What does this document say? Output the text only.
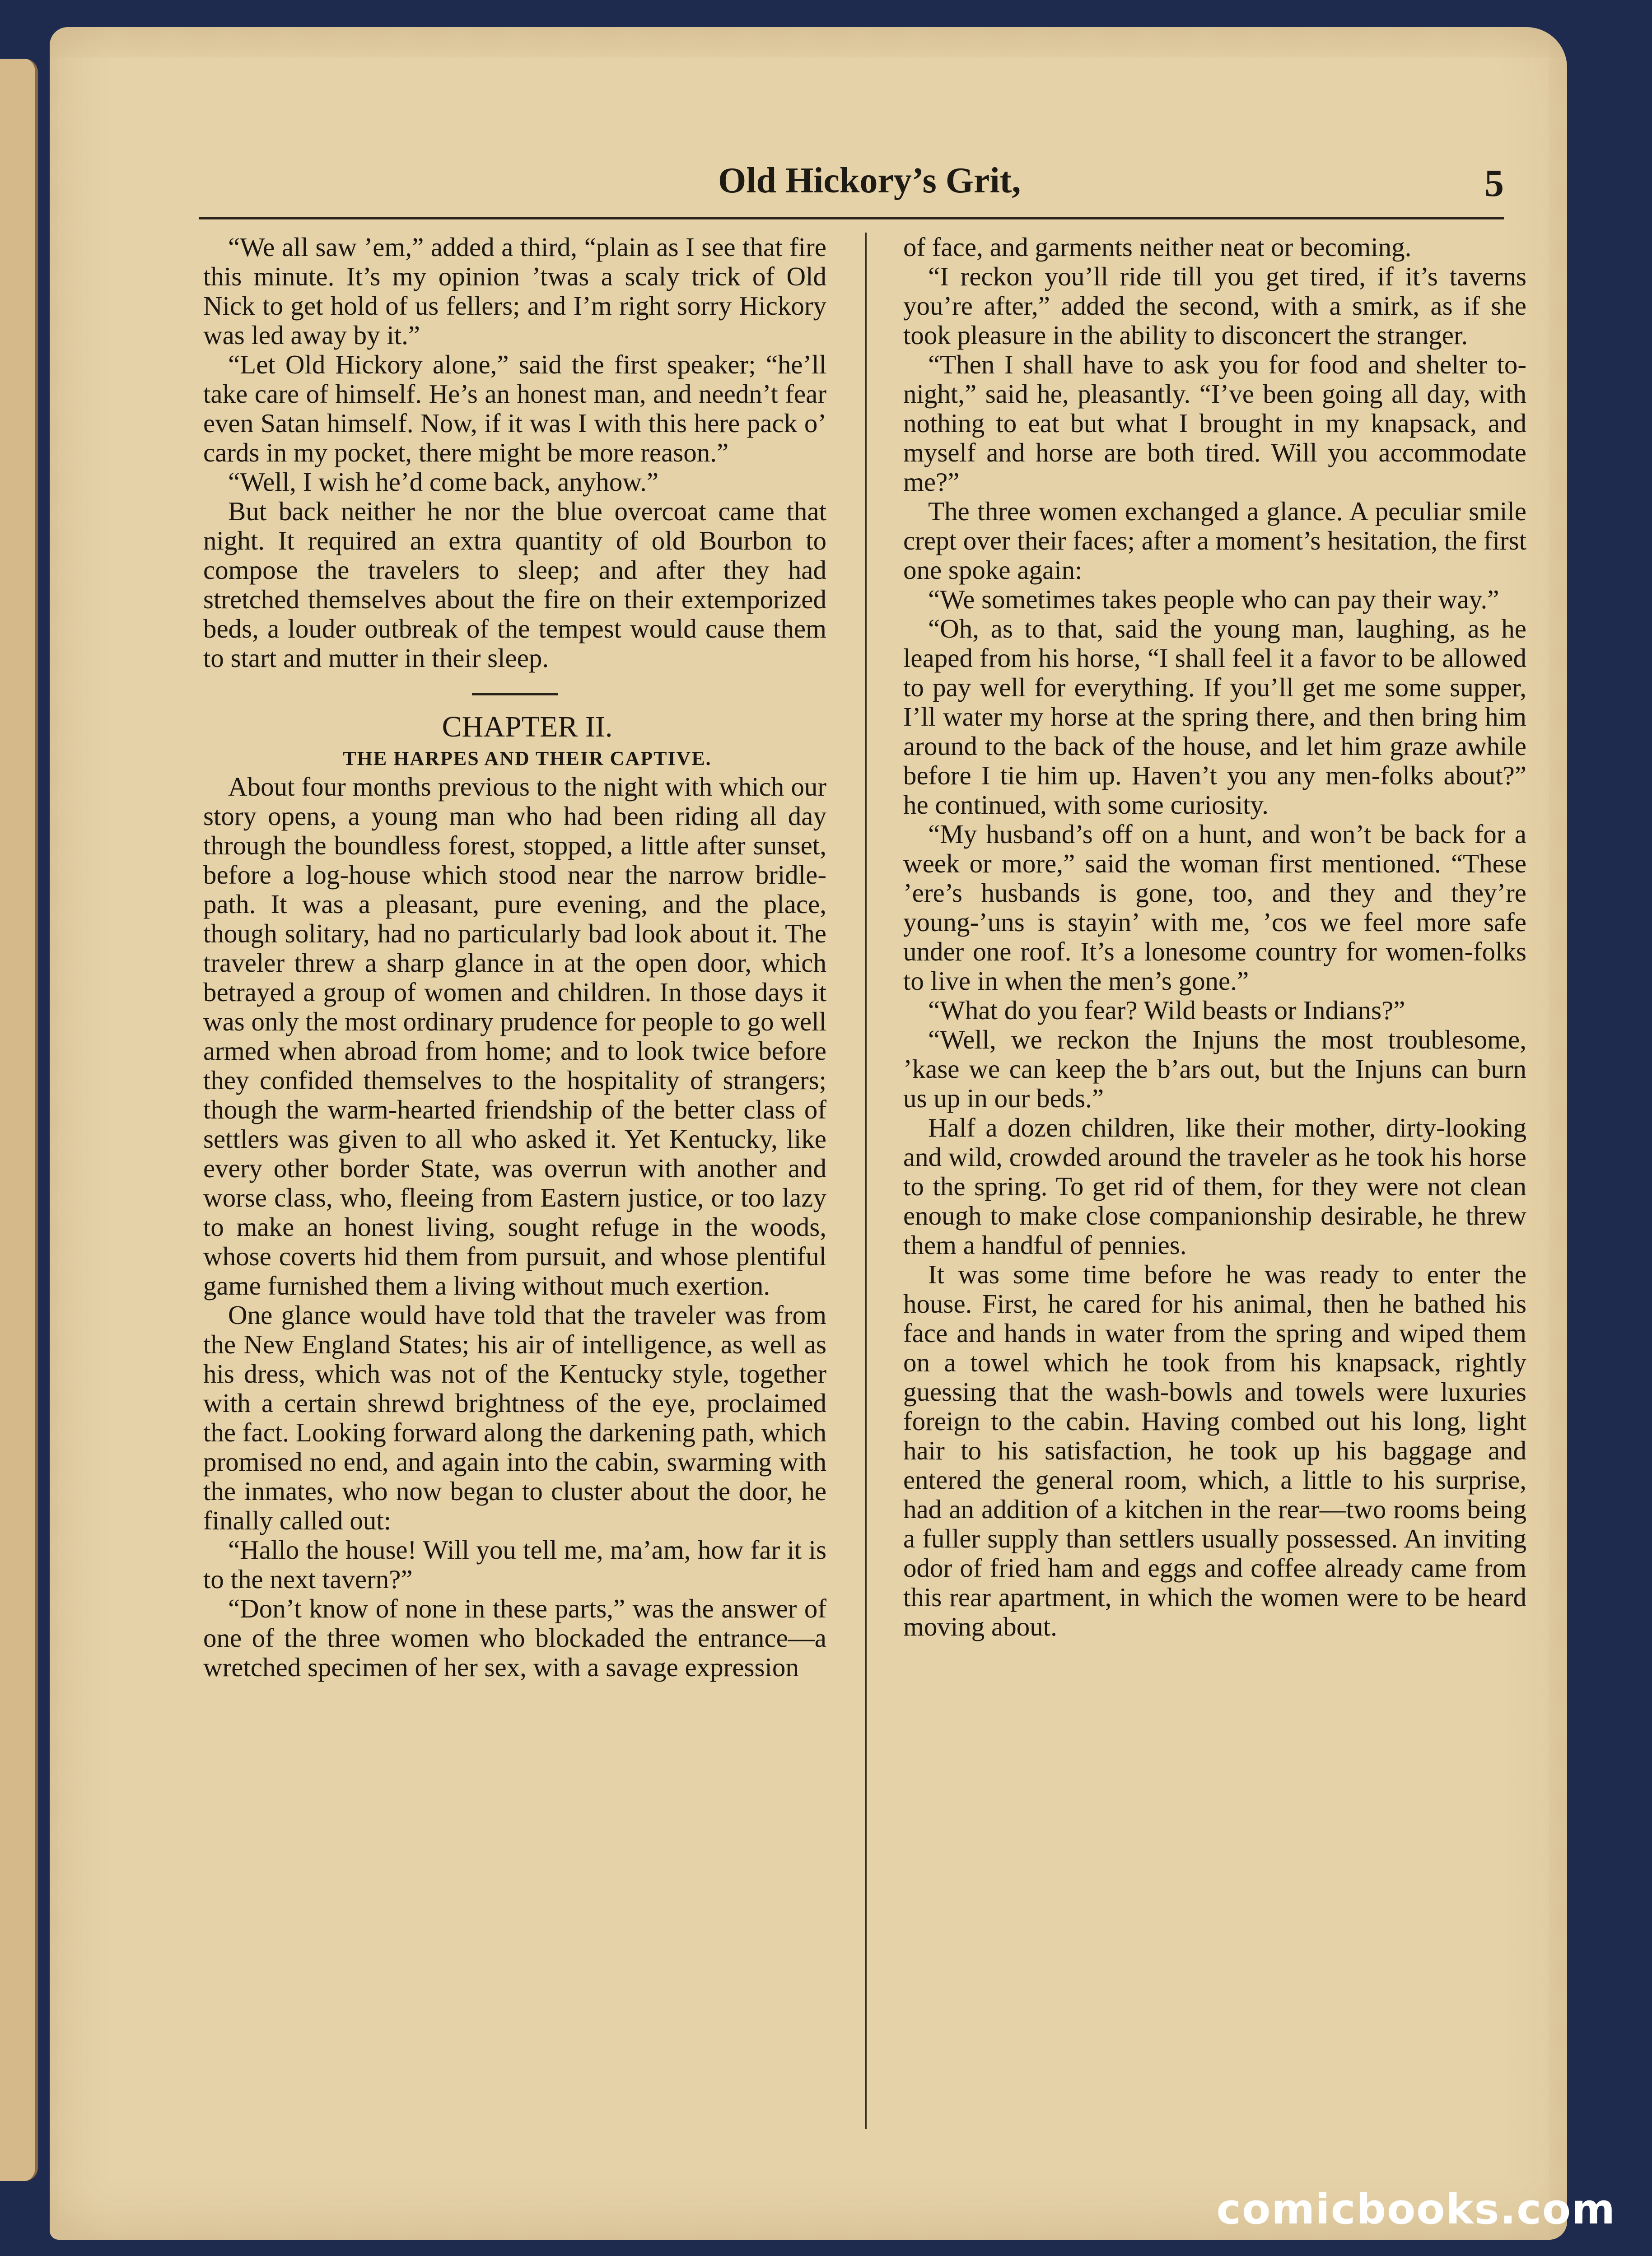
Old Hickory’s Grit,	5

“We all saw ’em,” added a third, “plain as I see that fire this minute. It’s my opinion ’twas a scaly trick of Old Nick to get hold of us fellers; and I’m right sorry Hickory was led away by it.”

“Let Old Hickory alone,” said the first speaker; “he’ll take care of himself. He’s an honest man, and needn’t fear even Satan himself. Now, if it was I with this here pack o’ cards in my pocket, there might be more reason.”

“Well, I wish he’d come back, anyhow.”

But back neither he nor the blue overcoat came that night. It required an extra quantity of old Bourbon to compose the travelers to sleep; and after they had stretched themselves about the fire on their extemporized beds, a louder outbreak of the tempest would cause them to start and mutter in their sleep.

CHAPTER II.

THE HARPES AND THEIR CAPTIVE.

About four months previous to the night with which our story opens, a young man who had been riding all day through the boundless forest, stopped, a little after sunset, before a log-house which stood near the narrow bridle-path. It was a pleasant, pure evening, and the place, though solitary, had no particularly bad look about it. The traveler threw a sharp glance in at the open door, which betrayed a group of women and children. In those days it was only the most ordinary prudence for people to go well armed when abroad from home; and to look twice before they confided themselves to the hospitality of strangers; though the warm-hearted friendship of the better class of settlers was given to all who asked it. Yet Kentucky, like every other border State, was overrun with another and worse class, who, fleeing from Eastern justice, or too lazy to make an honest living, sought refuge in the woods, whose coverts hid them from pursuit, and whose plentiful game furnished them a living without much exertion.

One glance would have told that the traveler was from the New England States; his air of intelligence, as well as his dress, which was not of the Kentucky style, together with a certain shrewd brightness of the eye, proclaimed the fact. Looking forward along the darkening path, which promised no end, and again into the cabin, swarming with the inmates, who now began to cluster about the door, he finally called out:

“Hallo the house! Will you tell me, ma’am, how far it is to the next tavern?”

“Don’t know of none in these parts,” was the answer of one of the three women who blockaded the entrance—a wretched specimen of her sex, with a savage expression

of face, and garments neither neat or becoming.

“I reckon you’ll ride till you get tired, if it’s taverns you’re after,” added the second, with a smirk, as if she took pleasure in the ability to disconcert the stranger.

“Then I shall have to ask you for food and shelter to-night,” said he, pleasantly. “I’ve been going all day, with nothing to eat but what I brought in my knapsack, and myself and horse are both tired. Will you accommodate me?”

The three women exchanged a glance. A peculiar smile crept over their faces; after a moment’s hesitation, the first one spoke again:

“We sometimes takes people who can pay their way.”

“Oh, as to that, said the young man, laughing, as he leaped from his horse, “I shall feel it a favor to be allowed to pay well for everything. If you’ll get me some supper, I’ll water my horse at the spring there, and then bring him around to the back of the house, and let him graze awhile before I tie him up. Haven’t you any men-folks about?” he continued, with some curiosity.

“My husband’s off on a hunt, and won’t be back for a week or more,” said the woman first mentioned. “These ’ere’s husbands is gone, too, and they and they’re young-’uns is stayin’ with me, ’cos we feel more safe under one roof. It’s a lonesome country for women-folks to live in when the men’s gone.”

“What do you fear? Wild beasts or Indians?”

“Well, we reckon the Injuns the most troublesome, ’kase we can keep the b’ars out, but the Injuns can burn us up in our beds.”

Half a dozen children, like their mother, dirty-looking and wild, crowded around the traveler as he took his horse to the spring. To get rid of them, for they were not clean enough to make close companionship desirable, he threw them a handful of pennies.

It was some time before he was ready to enter the house. First, he cared for his animal, then he bathed his face and hands in water from the spring and wiped them on a towel which he took from his knapsack, rightly guessing that the wash-bowls and towels were luxuries foreign to the cabin. Having combed out his long, light hair to his satisfaction, he took up his baggage and entered the general room, which, a little to his surprise, had an addition of a kitchen in the rear—two rooms being a fuller supply than settlers usually possessed. An inviting odor of fried ham and eggs and coffee already came from this rear apartment, in which the women were to be heard moving about.

comicbooks.com
